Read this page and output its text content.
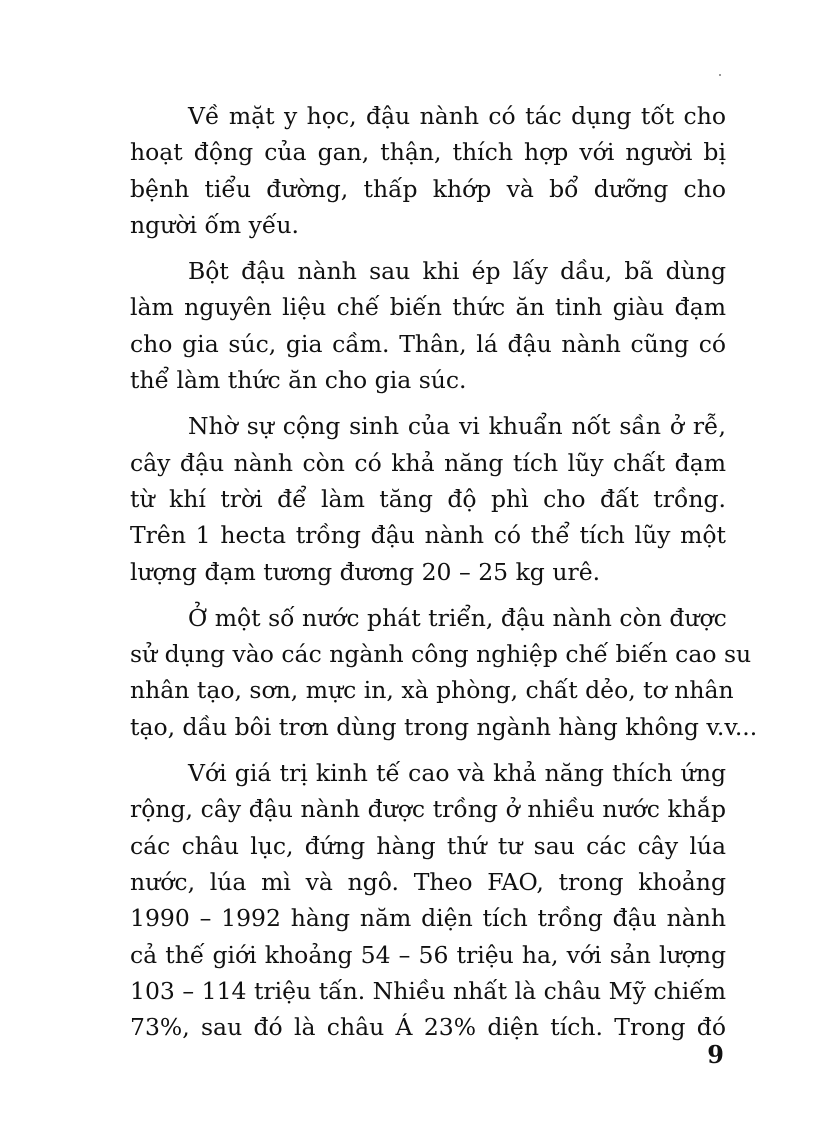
Về mặt y học, đậu nành có tác dụng tốt cho
hoạt động của gan, thận, thích hợp với người bị
bệnh tiểu đường, thấp khớp và bổ dưỡng cho
người ốm yếu.

Bột đậu nành sau khi ép lấy dầu, bã dùng
làm nguyên liệu chế biến thức ăn tinh giàu đạm
cho gia súc, gia cầm. Thân, lá đậu nành cũng có
thể làm thức ăn cho gia súc.

Nhờ sự cộng sinh của vi khuẩn nốt sần ở rễ,
cây đậu nành còn có khả năng tích lũy chất đạm
từ khí trời để làm tăng độ phì cho đất trồng.
Trên 1 hecta trồng đậu nành có thể tích lũy một
lượng đạm tương đương 20 – 25 kg urê.

Ở một số nước phát triển, đậu nành còn được
sử dụng vào các ngành công nghiệp chế biến cao su
nhân tạo, sơn, mực in, xà phòng, chất dẻo, tơ nhân
tạo, dầu bôi trơn dùng trong ngành hàng không v.v...

Với giá trị kinh tế cao và khả năng thích ứng
rộng, cây đậu nành được trồng ở nhiều nước khắp
các châu lục, đứng hàng thứ tư sau các cây lúa
nước, lúa mì và ngô. Theo FAO, trong khoảng
1990 – 1992 hàng năm diện tích trồng đậu nành
cả thế giới khoảng 54 – 56 triệu ha, với sản lượng
103 – 114 triệu tấn. Nhiều nhất là châu Mỹ chiếm
73%, sau đó là châu Á 23% diện tích. Trong đó

9
